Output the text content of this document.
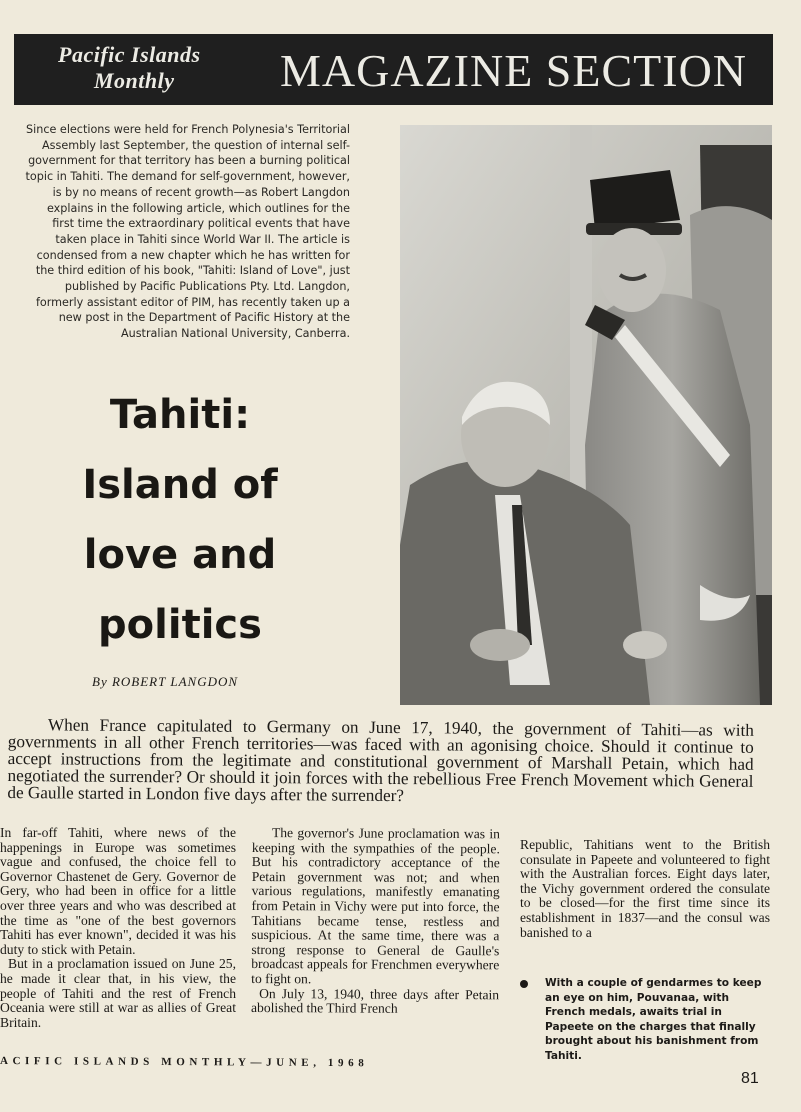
Pacific Islands
Monthly MAGAZINE SECTION
Since elections were held for French Polynesia's Territorial Assembly last September, the question of internal self-government for that territory has been a burning political topic in Tahiti. The demand for self-government, however, is by no means of recent growth—as Robert Langdon explains in the following article, which outlines for the first time the extraordinary political events that have taken place in Tahiti since World War II. The article is condensed from a new chapter which he has written for the third edition of his book, "Tahiti: Island of Love", just published by Pacific Publications Pty. Ltd. Langdon, formerly assistant editor of PIM, has recently taken up a new post in the Department of Pacific History at the Australian National University, Canberra.
Tahiti:
Island of
love and
politics
By ROBERT LANGDON
When France capitulated to Germany on June 17, 1940, the government of Tahiti—as with governments in all other French territories—was faced with an agonising choice. Should it continue to accept instructions from the legitimate and constitutional government of Marshall Petain, which had negotiated the surrender? Or should it join forces with the rebellious Free French Movement which General de Gaulle started in London five days after the surrender?

In far-off Tahiti, where news of the happenings in Europe was sometimes vague and confused, the choice fell to Governor Chastenet de Gery. Governor de Gery, who had been in office for a little over three years and who was described at the time as "one of the best governors Tahiti has ever known", decided it was his duty to stick with Petain.

But in a proclamation issued on June 25, he made it clear that, in his view, the people of Tahiti and the rest of French Oceania were still at war as allies of Great Britain.

The governor's June proclamation was in keeping with the sympathies of the people. But his contradictory acceptance of the Petain government was not; and when various regulations, manifestly emanating from Petain in Vichy were put into force, the Tahitians became tense, restless and suspicious. At the same time, there was a strong response to General de Gaulle's broadcast appeals for Frenchmen everywhere to fight on.

On July 13, 1940, three days after Petain abolished the Third French

Republic, Tahitians went to the British consulate in Papeete and volunteered to fight with the Australian forces. Eight days later, the Vichy government ordered the consulate to be closed—for the first time since its establishment in 1837—and the consul was banished to a

With a couple of gendarmes to keep an eye on him, Pouvanaa, with French medals, awaits trial in Papeete on the charges that finally brought about his banishment from Tahiti.
ACIFIC ISLANDS MONTHLY—JUNE, 1968
81
